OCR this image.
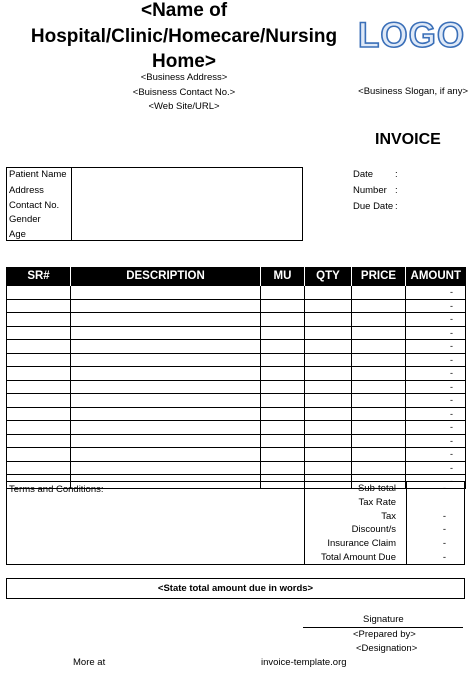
<Name of
Hospital/Clinic/Homecare/Nursing
Home>
<Business Address>
<Buisness Contact No.>
<Web Site/URL>
LOGO
<Business Slogan, if any>
INVOICE
Patient Name
Address
Contact No.
Gender
Age
Date :
Number :
Due Date :
SR#	DESCRIPTION	MU	QTY	PRICE	AMOUNT
					-
					-
					-
					-
					-
					-
					-
					-
					-
					-
					-
					-
					-
					-
					-
Terms and Conditions:	Sub-total	-
Tax Rate
Tax	-
Discount/s	-
Insurance Claim	-
Total Amount Due	-
<State total amount due in words>
Signature
<Prepared by>
<Designation>
More at	invoice-template.org
